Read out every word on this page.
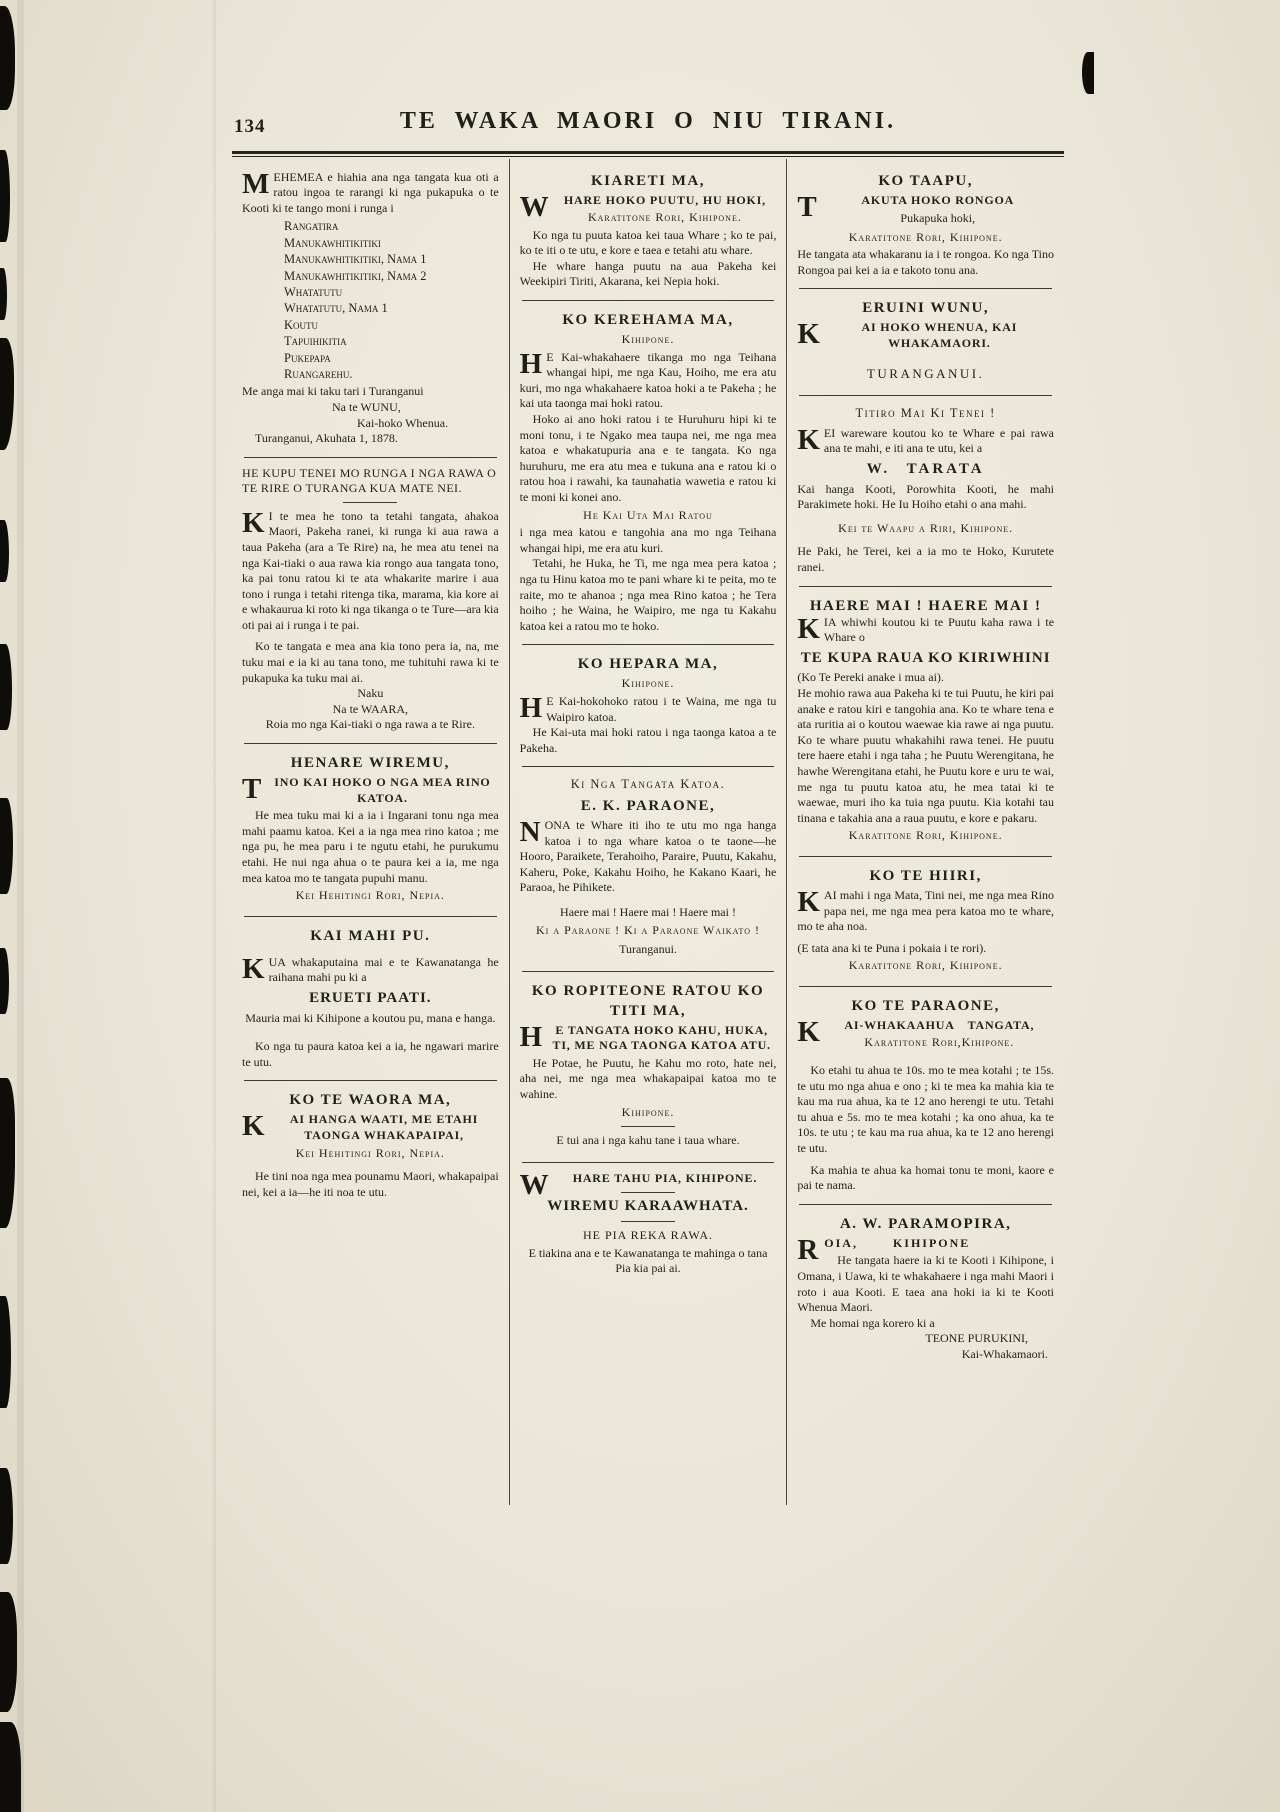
134	TE WAKA MAORI O NIU TIRANI.

MEHEMEA e hiahia ana nga tangata kua oti a ratou ingoa te rarangi ki nga pukapuka o te Kooti ki te tango moni i runga i

Rangatira
Manukawhitikitiki
Manukawhitikitiki, Nama 1
Manukawhitikitiki, Nama 2
Whatatutu
Whatatutu, Nama 1
Koutu
Tapuihikitia
Pukepapa
Ruangarehu.

Me anga mai ki taku tari i Turanganui

Na te WUNU,

Kai-hoko Whenua.

Turanganui, Akuhata 1, 1878.

HE KUPU TENEI MO RUNGA I NGA RAWA O TE RIRE O TURANGA KUA MATE NEI.

K I te mea he tono ta tetahi tangata, ahakoa Maori, Pakeha ranei, ki runga ki aua rawa a taua Pakeha (ara a Te Rire) na, he mea atu tenei na nga Kai-tiaki o aua rawa kia rongo aua tangata tono, ka pai tonu ratou ki te ata whakarite marire i aua tono i runga i tetahi ritenga tika, marama, kia kore ai e whakaurua ki roto ki nga tikanga o te Ture—ara kia oti pai ai i runga i te pai.

Ko te tangata e mea ana kia tono pera ia, na, me tuku mai e ia ki au tana tono, me tuhituhi rawa ki te pukapuka ka tuku mai ai.

Naku

Na te WAARA,

Roia mo nga Kai-tiaki o nga rawa a te Rire.

HENARE WIREMU,

T INO KAI HOKO O NGA MEA RINO KATOA.

He mea tuku mai ki a ia i Ingarani tonu nga mea mahi paamu katoa. Kei a ia nga mea rino katoa ; me nga pu, he mea paru i te ngutu etahi, he purukumu etahi. He nui nga ahua o te paura kei a ia, me nga mea katoa mo te tangata pupuhi manu.

Kei Hehitingi Rori, Nepia.

KAI MAHI PU.

KUA whakaputaina mai e te Kawanatanga he raihana mahi pu ki a

ERUETI PAATI.

Mauria mai ki Kihipone a koutou pu, mana e hanga.

Ko nga tu paura katoa kei a ia, he ngawari marire te utu.

KO TE WAORA MA,

K AI HANGA WAATI, ME ETAHI TAONGA WHAKAPAIPAI,

Kei Hehitingi Rori, Nepia.

He tini noa nga mea pounamu Maori, whakapaipai nei, kei a ia—he iti noa te utu.

KIARETI MA,

W HARE HOKO PUUTU, HU HOKI,

Karatitone Rori, Kihipone.

Ko nga tu puuta katoa kei taua Whare ; ko te pai, ko te iti o te utu, e kore e taea e tetahi atu whare.

He whare hanga puutu na aua Pakeha kei Weekipiri Tiriti, Akarana, kei Nepia hoki.

KO KEREHAMA MA,

Kihipone.

H E Kai-whakahaere tikanga mo nga Teihana whangai hipi, me nga Kau, Hoiho, me era atu kuri, mo nga whakahaere katoa hoki a te Pakeha ; he kai uta taonga mai hoki ratou.

Hoko ai ano hoki ratou i te Huruhuru hipi ki te moni tonu, i te Ngako mea taupa nei, me nga mea katoa e whakatupuria ana e te tangata. Ko nga huruhuru, me era atu mea e tukuna ana e ratou ki o ratou hoa i rawahi, ka taunahatia wawetia e ratou ki te moni ki konei ano.

He Kai Uta Mai Ratou

i nga mea katou e tangohia ana mo nga Teihana whangai hipi, me era atu kuri.

Tetahi, he Huka, he Ti, me nga mea pera katoa ; nga tu Hinu katoa mo te pani whare ki te peita, mo te raite, mo te ahanoa ; nga mea Rino katoa ; he Tera hoiho ; he Waina, he Waipiro, me nga tu Kakahu katoa kei a ratou mo te hoko.

KO HEPARA MA,

Kihipone.

H E Kai-hokohoko ratou i te Waina, me nga tu Waipiro katoa.

He Kai-uta mai hoki ratou i nga taonga katoa a te Pakeha.

Ki Nga Tangata Katoa.

E. K. PARAONE,

NONA te Whare iti iho te utu mo nga hanga katoa i to nga whare katoa o te taone—he Hooro, Paraikete, Terahoiho, Paraire, Puutu, Kakahu, Kaheru, Poke, Kakahu Hoiho, he Kakano Kaari, he Paraoa, he Pihikete.

Haere mai ! Haere mai ! Haere mai !

Ki a Paraone ! Ki a Paraone Waikato !

Turanganui.

KO ROPITEONE RATOU KO
TITI MA,

H E TANGATA HOKO KAHU, HUKA, TI, ME NGA TAONGA KATOA ATU.

He Potae, he Puutu, he Kahu mo roto, hate nei, aha nei, me nga mea whakapaipai katoa mo te wahine.

Kihipone.

E tui ana i nga kahu tane i taua whare.

W HARE TAHU PIA, KIHIPONE.

WIREMU KARAAWHATA.

HE PIA REKA RAWA.

E tiakina ana e te Kawanatanga te mahinga o tana Pia kia pai ai.

KO TAAPU,

T	AKUTA HOKO RONGOA

Pukapuka hoki,

Karatitone Rori, Kihipone.

He tangata ata whakaranu ia i te rongoa. Ko nga Tino Rongoa pai kei a ia e takoto tonu ana.

ERUINI WUNU,

K	AI HOKO WHENUA, KAI WHAKAMAORI.

TURANGANUI.

Titiro Mai Ki Tenei !

KEI wareware koutou ko te Whare e pai rawa ana te mahi, e iti ana te utu, kei a

W. TARATA

Kai hanga Kooti, Porowhita Kooti, he mahi Parakimete hoki. He Iu Hoiho etahi o ana mahi.

Kei te Waapu a Riri, Kihipone.

He Paki, he Terei, kei a ia mo te Hoko, Kurutete ranei.

HAERE MAI ! HAERE MAI !

KIA whiwhi koutou ki te Puutu kaha rawa i te Whare o

TE KUPA RAUA KO KIRIWHINI

(Ko Te Pereki anake i mua ai).

He mohio rawa aua Pakeha ki te tui Puutu, he kiri pai anake e ratou kiri e tangohia ana. Ko te whare tena e ata ruritia ai o koutou waewae kia rawe ai nga puutu. Ko te whare puutu whakahihi rawa tenei. He puutu tere haere etahi i nga taha ; he Puutu Werengitana, he hawhe Werengitana etahi, he Puutu kore e uru te wai, me nga tu puutu katoa atu, he mea tatai ki te waewae, muri iho ka tuia nga puutu. Kia kotahi tau tinana e takahia ana a raua puutu, e kore e pakaru.

Karatitone Rori, Kihipone.

KO TE HIIRI,

KAI mahi i nga Mata, Tini nei, me nga mea Rino papa nei, me nga mea pera katoa mo te whare, mo te aha noa.

(E tata ana ki te Puna i pokaia i te rori).

Karatitone Rori, Kihipone.

KO TE PARAONE,

K AI-WHAKAAHUA TANGATA,

Karatitone Rori,Kihipone.

Ko etahi tu ahua te 10s. mo te mea kotahi ; te 15s. te utu mo nga ahua e ono ; ki te mea ka mahia kia te kau ma rua ahua, ka te 12 ano herengi te utu. Tetahi tu ahua e 5s. mo te mea kotahi ; ka ono ahua, ka te 10s. te utu ; te kau ma rua ahua, ka te 12 ano herengi te utu.

Ka mahia te ahua ka homai tonu te moni, kaore e pai te nama.

A. W. PARAMOPIRA,

ROIA, KIHIPONE

He tangata haere ia ki te Kooti i Kihipone, i Omana, i Uawa, ki te whakahaere i nga mahi Maori i roto i aua Kooti. E taea ana hoki ia ki te Kooti Whenua Maori.

Me homai nga korero ki a

TEONE PURUKINI,

Kai-Whakamaori.
